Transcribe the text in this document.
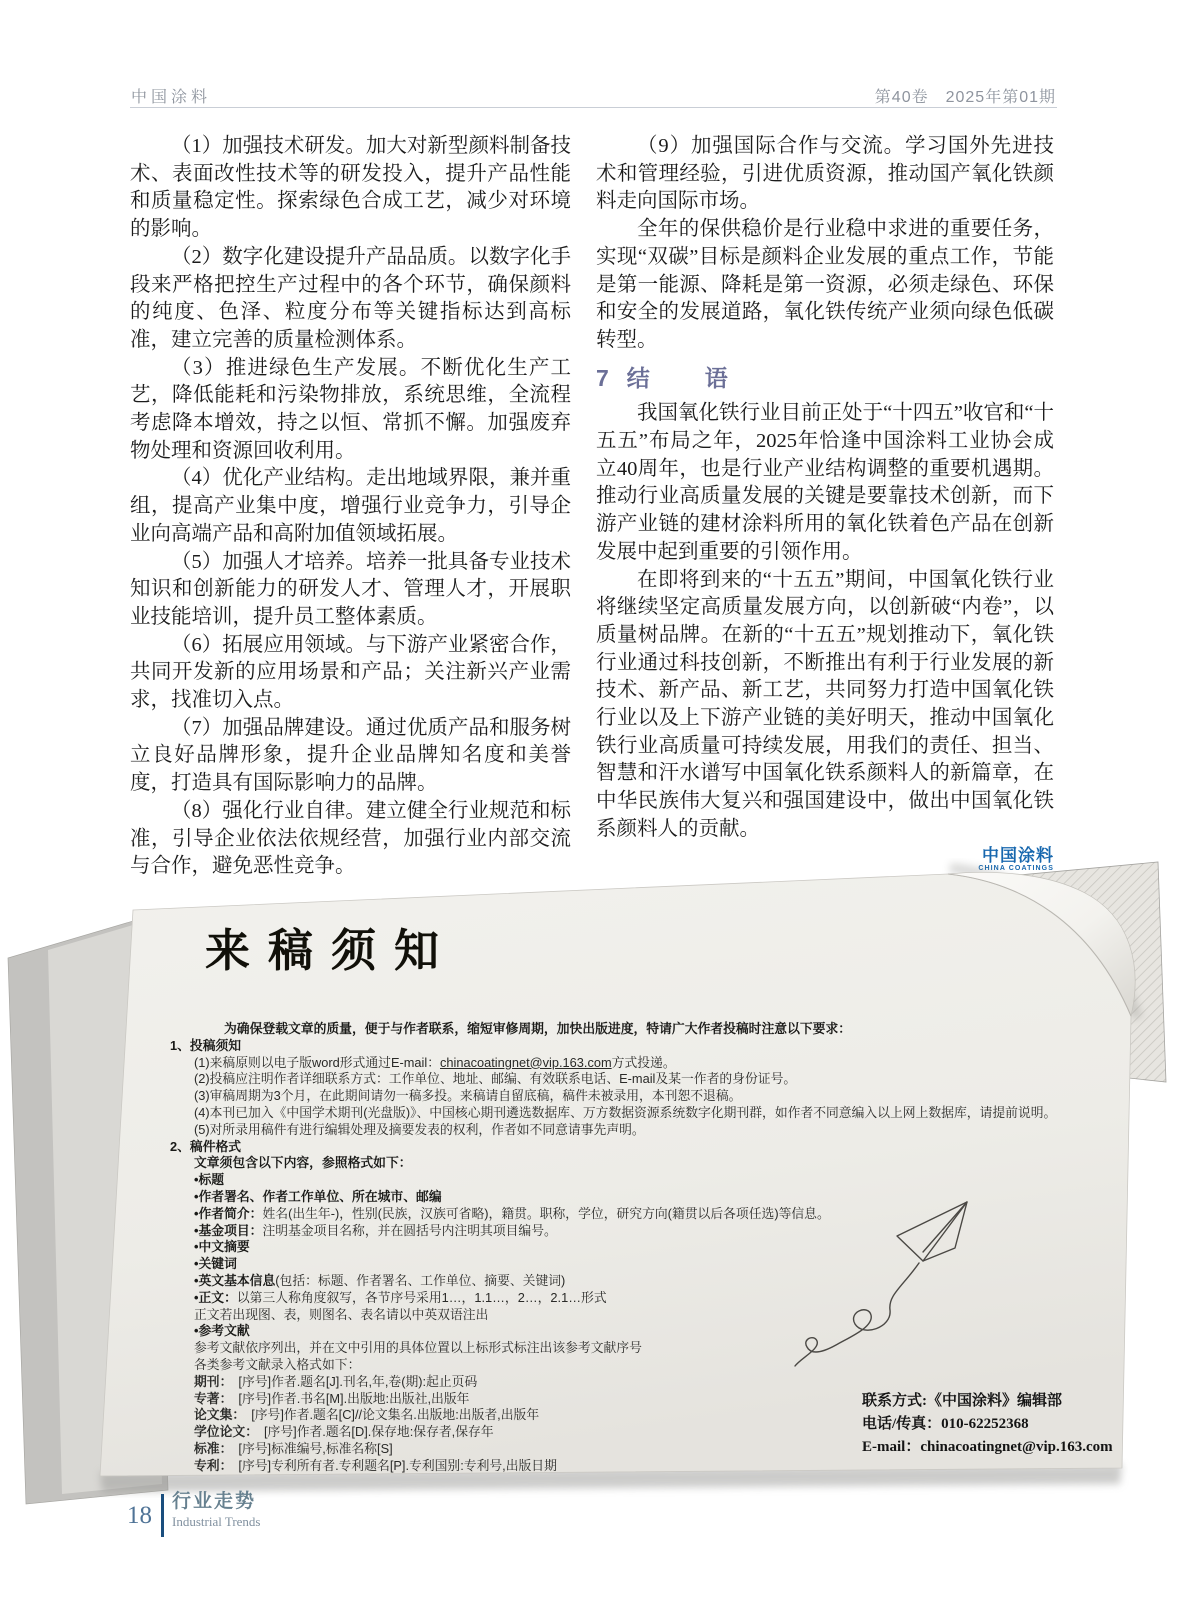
中国涂料	第40卷　2025年第01期

（1）加强技术研发。加大对新型颜料制备技术、表面改性技术等的研发投入，提升产品性能和质量稳定性。探索绿色合成工艺，减少对环境的影响。

（2）数字化建设提升产品品质。以数字化手段来严格把控生产过程中的各个环节，确保颜料的纯度、色泽、粒度分布等关键指标达到高标准，建立完善的质量检测体系。

（3）推进绿色生产发展。不断优化生产工艺，降低能耗和污染物排放，系统思维，全流程考虑降本增效，持之以恒、常抓不懈。加强废弃物处理和资源回收利用。

（4）优化产业结构。走出地域界限，兼并重组，提高产业集中度，增强行业竞争力，引导企业向高端产品和高附加值领域拓展。

（5）加强人才培养。培养一批具备专业技术知识和创新能力的研发人才、管理人才，开展职业技能培训，提升员工整体素质。

（6）拓展应用领域。与下游产业紧密合作，共同开发新的应用场景和产品；关注新兴产业需求，找准切入点。

（7）加强品牌建设。通过优质产品和服务树立良好品牌形象，提升企业品牌知名度和美誉度，打造具有国际影响力的品牌。

（8）强化行业自律。建立健全行业规范和标准，引导企业依法依规经营，加强行业内部交流与合作，避免恶性竞争。

（9）加强国际合作与交流。学习国外先进技术和管理经验，引进优质资源，推动国产氧化铁颜料走向国际市场。

全年的保供稳价是行业稳中求进的重要任务，实现“双碳”目标是颜料企业发展的重点工作，节能是第一能源、降耗是第一资源，必须走绿色、环保和安全的发展道路，氧化铁传统产业须向绿色低碳转型。

7 结　语

我国氧化铁行业目前正处于“十四五”收官和“十五五”布局之年，2025年恰逢中国涂料工业协会成立40周年，也是行业产业结构调整的重要机遇期。推动行业高质量发展的关键是要靠技术创新，而下游产业链的建材涂料所用的氧化铁着色产品在创新发展中起到重要的引领作用。

在即将到来的“十五五”期间，中国氧化铁行业将继续坚定高质量发展方向，以创新破“内卷”，以质量树品牌。在新的“十五五”规划推动下，氧化铁行业通过科技创新，不断推出有利于行业发展的新技术、新产品、新工艺，共同努力打造中国氧化铁行业以及上下游产业链的美好明天，推动中国氧化铁行业高质量可持续发展，用我们的责任、担当、智慧和汗水谱写中国氧化铁系颜料人的新篇章，在中华民族伟大复兴和强国建设中，做出中国氧化铁系颜料人的贡献。

中国涂料
CHINA COATINGS
来稿须知
为确保登载文章的质量，便于与作者联系，缩短审修周期，加快出版进度，特请广大作者投稿时注意以下要求：
1、投稿须知
(1)来稿原则以电子版word形式通过E-mail：chinacoatingnet@vip.163.com方式投递。
(2)投稿应注明作者详细联系方式：工作单位、地址、邮编、有效联系电话、E-mail及某一作者的身份证号。
(3)审稿周期为3个月，在此期间请勿一稿多投。来稿请自留底稿，稿件未被录用，本刊恕不退稿。
(4)本刊已加入《中国学术期刊(光盘版)》、中国核心期刊遴选数据库、万方数据资源系统数字化期刊群，如作者不同意编入以上网上数据库，请提前说明。
(5)对所录用稿件有进行编辑处理及摘要发表的权利，作者如不同意请事先声明。
2、稿件格式
文章须包含以下内容，参照格式如下：
•标题
•作者署名、作者工作单位、所在城市、邮编
•作者简介：姓名(出生年-)，性别(民族，汉族可省略)，籍贯。职称，学位，研究方向(籍贯以后各项任选)等信息。
•基金项目：注明基金项目名称，并在圆括号内注明其项目编号。
•中文摘要
•关键词
•英文基本信息(包括：标题、作者署名、工作单位、摘要、关键词)
•正文：以第三人称角度叙写，各节序号采用1…，1.1…，2…，2.1…形式
正文若出现图、表，则图名、表名请以中英双语注出
•参考文献
参考文献依序列出，并在文中引用的具体位置以上标形式标注出该参考文献序号
各类参考文献录入格式如下：
期刊： [序号]作者.题名[J].刊名,年,卷(期):起止页码
专著： [序号]作者.书名[M].出版地:出版社,出版年
论文集： [序号]作者.题名[C]//论文集名.出版地:出版者,出版年
学位论文： [序号]作者.题名[D].保存地:保存者,保存年
标准： [序号]标准编号,标准名称[S]
专利： [序号]专利所有者.专利题名[P].专利国别:专利号,出版日期
联系方式:《中国涂料》编辑部
电话/传真：010-62252368
E-mail：chinacoatingnet@vip.163.com
18
行业走势
Industrial Trends
